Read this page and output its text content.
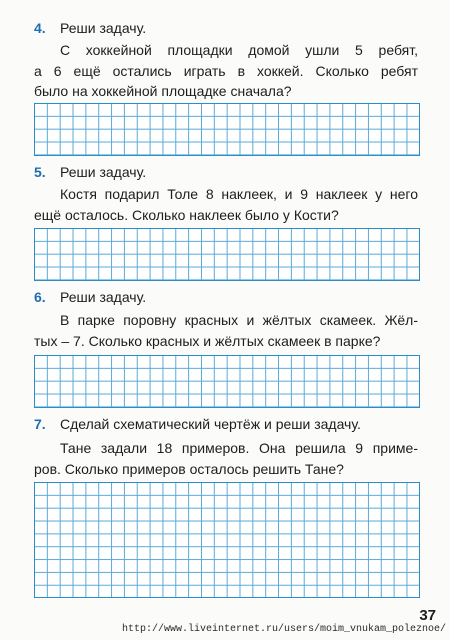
4. Реши задачу.
С хоккейной площадки домой ушли 5 ребят,
а 6 ещё остались играть в хоккей. Сколько ребят
было на хоккейной площадке сначала?
5. Реши задачу.
Костя подарил Толе 8 наклеек, и 9 наклеек у него
ещё осталось. Сколько наклеек было у Кости?
6. Реши задачу.
В парке поровну красных и жёлтых скамеек. Жёл-
тых – 7. Сколько красных и жёлтых скамеек в парке?
7. Сделай схематический чертёж и реши задачу.
Тане задали 18 примеров. Она решила 9 приме-
ров. Сколько примеров осталось решить Тане?
37
http://www.liveinternet.ru/users/moim_vnukam_poleznoe/
